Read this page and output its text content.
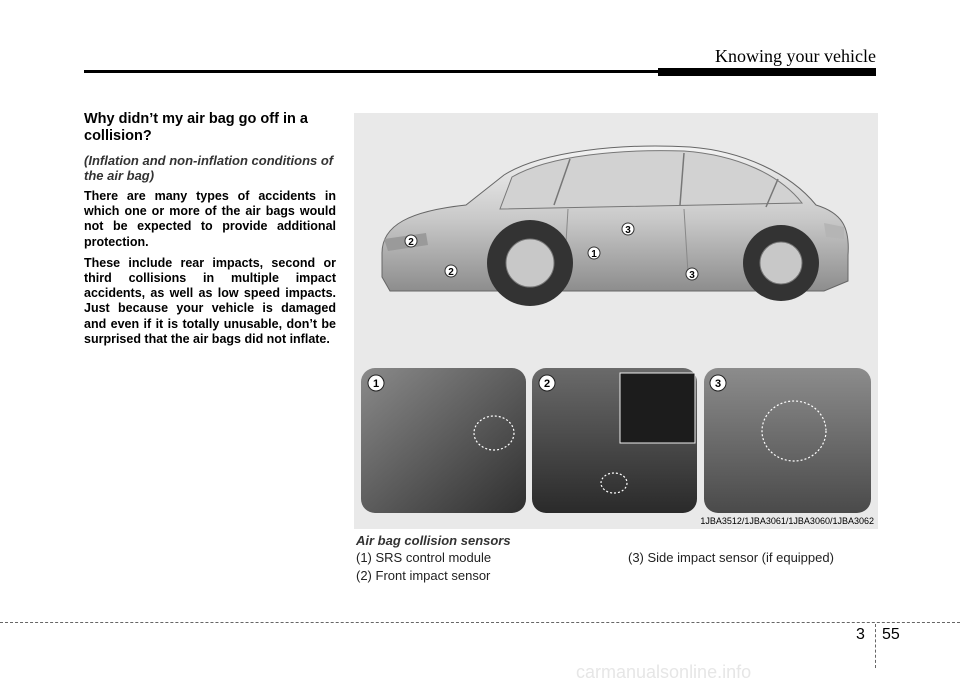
Knowing your vehicle
Why didn’t my air bag go off in a collision?
(Inflation and non-inflation conditions of the air bag)
There are many types of accidents in which one or more of the air bags would not be expected to provide additional protection.
These include rear impacts, second or third collisions in multiple impact accidents, as well as low speed impacts. Just because your vehicle is damaged and even if it is totally unusable, don’t be surprised that the air bags did not inflate.
2
2
1
3
3
1	2	3
1JBA3512/1JBA3061/1JBA3060/1JBA3062
Air bag collision sensors
(1) SRS control module
(2) Front impact sensor
(3) Side impact sensor (if equipped)
3 55
carmanualsonline.info
